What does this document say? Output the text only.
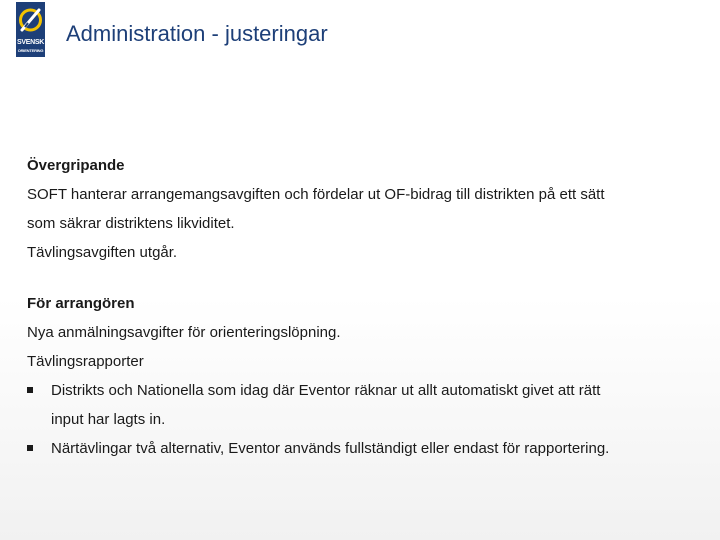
SVENSK
ORIENTERING
Administration - justeringar
Övergripande
SOFT hanterar arrangemangsavgiften och fördelar ut OF-bidrag till distrikten på ett sätt
som säkrar distriktens likviditet.
Tävlingsavgiften utgår.
För arrangören
Nya anmälningsavgifter för orienteringslöpning.
Tävlingsrapporter
Distrikts och Nationella som idag där Eventor räknar ut allt automatiskt givet att rätt
input har lagts in.
Närtävlingar två alternativ, Eventor används fullständigt eller endast för rapportering.
